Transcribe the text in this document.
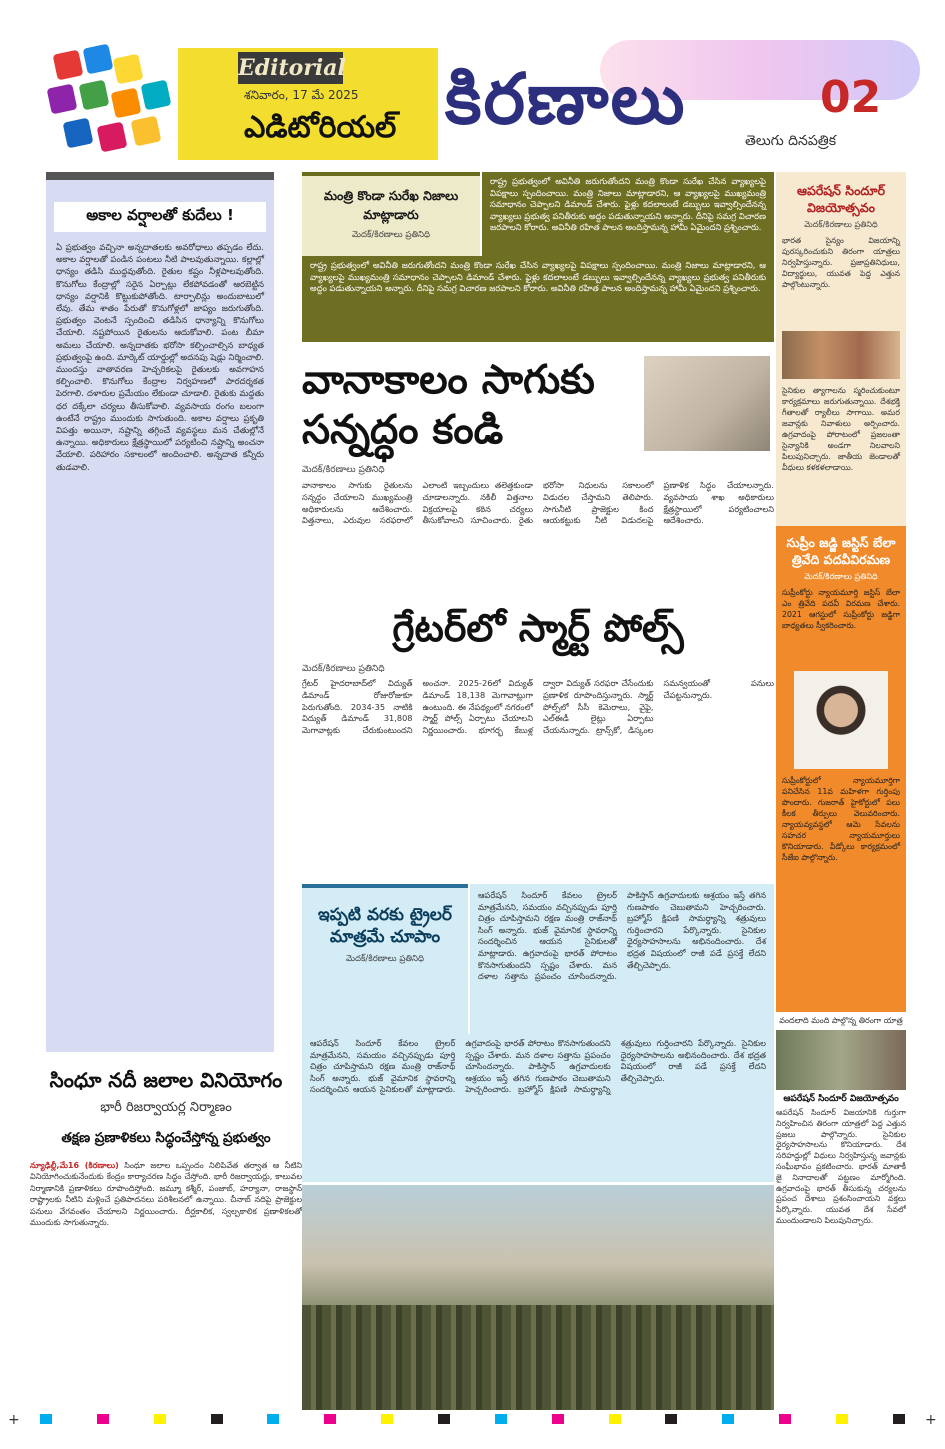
Editorial
శనివారం, 17 మే 2025
ఎడిటోరియల్ కిరణాలు
తెలుగు దినపత్రిక
02
అకాల వర్షాలతో కుదేలు !
ఏ ప్రభుత్వం వచ్చినా అన్నదాతలకు అవరోధాలు తప్పడం లేదు. అకాల వర్షాలతో పండిన పంటలు నీటి పాలవుతున్నాయి. కల్లాల్లో ధాన్యం తడిసి ముద్దవుతోంది. రైతుల కష్టం నీళ్లపాలవుతోంది. కొనుగోలు కేంద్రాల్లో సరైన ఏర్పాట్లు లేకపోవడంతో ఆరబెట్టిన ధాన్యం వర్షానికి కొట్టుకుపోతోంది. టార్పాలిన్లు అందుబాటులో లేవు. తేమ శాతం పేరుతో కొనుగోళ్లలో జాప్యం జరుగుతోంది. ప్రభుత్వం వెంటనే స్పందించి తడిసిన ధాన్యాన్ని కొనుగోలు చేయాలి. నష్టపోయిన రైతులను ఆదుకోవాలి. పంట బీమా అమలు చేయాలి. అన్నదాతకు భరోసా కల్పించాల్సిన బాధ్యత ప్రభుత్వంపై ఉంది. మార్కెట్ యార్డుల్లో అదనపు షెడ్లు నిర్మించాలి. ముందస్తు వాతావరణ హెచ్చరికలపై రైతులకు అవగాహన కల్పించాలి. కొనుగోలు కేంద్రాల నిర్వహణలో పారదర్శకత పెరగాలి. దళారుల ప్రమేయం లేకుండా చూడాలి. రైతుకు మద్దతు ధర దక్కేలా చర్యలు తీసుకోవాలి. వ్యవసాయ రంగం బలంగా ఉంటేనే రాష్ట్రం ముందుకు సాగుతుంది. అకాల వర్షాలు ప్రకృతి విపత్తు అయినా, నష్టాన్ని తగ్గించే వ్యవస్థలు మన చేతుల్లోనే ఉన్నాయి. అధికారులు క్షేత్రస్థాయిలో పర్యటించి నష్టాన్ని అంచనా వేయాలి. పరిహారం సకాలంలో అందించాలి. అన్నదాత కన్నీరు తుడవాలి.
సింధూ నదీ జలాల వినియోగం
భారీ రిజర్వాయర్ల నిర్మాణం
తక్షణ ప్రణాళికలు సిద్ధంచేస్తోన్న ప్రభుత్వం
న్యూఢిల్లీ,మే16 (కిరణాలు) సింధూ జలాల ఒప్పందం నిలిపివేత తర్వాత ఆ నీటిని వినియోగించుకునేందుకు కేంద్రం కార్యాచరణ సిద్ధం చేస్తోంది. భారీ రిజర్వాయర్లు, కాలువల నిర్మాణానికి ప్రణాళికలు రూపొందిస్తోంది. జమ్మూ కశ్మీర్, పంజాబ్, హర్యానా, రాజస్థాన్ రాష్ట్రాలకు నీటిని మళ్లించే ప్రతిపాదనలు పరిశీలనలో ఉన్నాయి. చీనాబ్ నదిపై ప్రాజెక్టుల పనులు వేగవంతం చేయాలని నిర్ణయించారు. దీర్ఘకాలిక, స్వల్పకాలిక ప్రణాళికలతో ముందుకు సాగుతున్నారు.
మంత్రి కొండా సురేఖ నిజాలు మాట్లాడారు
మెదక్/కిరణాలు ప్రతినిధి
రాష్ట్ర ప్రభుత్వంలో అవినీతి జరుగుతోందని మంత్రి కొండా సురేఖ చేసిన వ్యాఖ్యలపై విపక్షాలు స్పందించాయి. మంత్రి నిజాలు మాట్లాడారని, ఆ వ్యాఖ్యలపై ముఖ్యమంత్రి సమాధానం చెప్పాలని డిమాండ్ చేశారు. ఫైళ్లు కదలాలంటే డబ్బులు ఇవ్వాల్సిందేనన్న వ్యాఖ్యలు ప్రభుత్వ పనితీరుకు అద్దం పడుతున్నాయని అన్నారు. దీనిపై సమగ్ర విచారణ జరపాలని కోరారు. అవినీతి రహిత పాలన అందిస్తామన్న హామీ ఏమైందని ప్రశ్నించారు.
రాష్ట్ర ప్రభుత్వంలో అవినీతి జరుగుతోందని మంత్రి కొండా సురేఖ చేసిన వ్యాఖ్యలపై విపక్షాలు స్పందించాయి. మంత్రి నిజాలు మాట్లాడారని, ఆ వ్యాఖ్యలపై ముఖ్యమంత్రి సమాధానం చెప్పాలని డిమాండ్ చేశారు. ఫైళ్లు కదలాలంటే డబ్బులు ఇవ్వాల్సిందేనన్న వ్యాఖ్యలు ప్రభుత్వ పనితీరుకు అద్దం పడుతున్నాయని అన్నారు. దీనిపై సమగ్ర విచారణ జరపాలని కోరారు. అవినీతి రహిత పాలన అందిస్తామన్న హామీ ఏమైందని ప్రశ్నించారు.
వానాకాలం సాగుకు సన్నద్ధం కండి
మెదక్/కిరణాలు ప్రతినిధి
వానాకాలం సాగుకు రైతులను సన్నద్ధం చేయాలని ముఖ్యమంత్రి అధికారులను ఆదేశించారు. విత్తనాలు, ఎరువుల సరఫరాలో ఎలాంటి ఇబ్బందులు తలెత్తకుండా చూడాలన్నారు. నకిలీ విత్తనాల విక్రయాలపై కఠిన చర్యలు తీసుకోవాలని సూచించారు. రైతు భరోసా నిధులను సకాలంలో విడుదల చేస్తామని తెలిపారు. సాగునీటి ప్రాజెక్టుల కింద ఆయకట్టుకు నీటి విడుదలపై ప్రణాళిక సిద్ధం చేయాలన్నారు. వ్యవసాయ శాఖ అధికారులు క్షేత్రస్థాయిలో పర్యటించాలని ఆదేశించారు.
గ్రేటర్‌లో స్మార్ట్ పోల్స్
మెదక్/కిరణాలు ప్రతినిధి
గ్రేటర్ హైదరాబాద్‌లో విద్యుత్ డిమాండ్ రోజురోజుకూ పెరుగుతోంది. 2034-35 నాటికి విద్యుత్ డిమాండ్ 31,808 మెగావాట్లకు చేరుకుంటుందని అంచనా. 2025-26లో విద్యుత్ డిమాండ్ 18,138 మెగావాట్లుగా ఉంటుంది. ఈ నేపథ్యంలో నగరంలో స్మార్ట్ పోల్స్ ఏర్పాటు చేయాలని నిర్ణయించారు. భూగర్భ కేబుళ్ల ద్వారా విద్యుత్ సరఫరా చేసేందుకు ప్రణాళిక రూపొందిస్తున్నారు. స్మార్ట్ పోల్స్‌లో సీసీ కెమెరాలు, వైఫై, ఎల్ఈడీ లైట్లు ఏర్పాటు చేయనున్నారు. ట్రాన్స్‌కో, డిస్కంల సమన్వయంతో పనులు చేపట్టనున్నారు.
ఇప్పటి వరకు ట్రైలర్ మాత్రమే చూపాం
మెదక్/కిరణాలు ప్రతినిధి
ఆపరేషన్ సిందూర్ కేవలం ట్రైలర్ మాత్రమేనని, సమయం వచ్చినప్పుడు పూర్తి చిత్రం చూపిస్తామని రక్షణ మంత్రి రాజ్‌నాథ్ సింగ్ అన్నారు. భుజ్ వైమానిక స్థావరాన్ని సందర్శించిన ఆయన సైనికులతో మాట్లాడారు. ఉగ్రవాదంపై భారత్ పోరాటం కొనసాగుతుందని స్పష్టం చేశారు. మన దళాల సత్తాను ప్రపంచం చూసిందన్నారు. పాకిస్తాన్ ఉగ్రవాదులకు ఆశ్రయం ఇస్తే తగిన గుణపాఠం చెబుతామని హెచ్చరించారు. బ్రహ్మోస్ క్షిపణి సామర్థ్యాన్ని శత్రువులు గుర్తించారని పేర్కొన్నారు. సైనికుల ధైర్యసాహసాలను అభినందించారు. దేశ భద్రత విషయంలో రాజీ పడే ప్రసక్తే లేదని తేల్చిచెప్పారు.
ఆపరేషన్ సిందూర్ కేవలం ట్రైలర్ మాత్రమేనని, సమయం వచ్చినప్పుడు పూర్తి చిత్రం చూపిస్తామని రక్షణ మంత్రి రాజ్‌నాథ్ సింగ్ అన్నారు. భుజ్ వైమానిక స్థావరాన్ని సందర్శించిన ఆయన సైనికులతో మాట్లాడారు. ఉగ్రవాదంపై భారత్ పోరాటం కొనసాగుతుందని స్పష్టం చేశారు. మన దళాల సత్తాను ప్రపంచం చూసిందన్నారు. పాకిస్తాన్ ఉగ్రవాదులకు ఆశ్రయం ఇస్తే తగిన గుణపాఠం చెబుతామని హెచ్చరించారు. బ్రహ్మోస్ క్షిపణి సామర్థ్యాన్ని శత్రువులు గుర్తించారని పేర్కొన్నారు. సైనికుల ధైర్యసాహసాలను అభినందించారు. దేశ భద్రత విషయంలో రాజీ పడే ప్రసక్తే లేదని తేల్చిచెప్పారు.
ఆపరేషన్ సిందూర్ విజయోత్సవం
మెదక్/కిరణాలు ప్రతినిధి
భారత సైన్యం విజయాన్ని పురస్కరించుకుని తిరంగా యాత్రలు నిర్వహిస్తున్నారు. ప్రజాప్రతినిధులు, విద్యార్థులు, యువత పెద్ద ఎత్తున పాల్గొంటున్నారు.
సైనికుల త్యాగాలను స్మరించుకుంటూ కార్యక్రమాలు జరుగుతున్నాయి. దేశభక్తి గీతాలతో ర్యాలీలు సాగాయి. అమర జవాన్లకు నివాళులు అర్పించారు. ఉగ్రవాదంపై పోరాటంలో ప్రజలంతా సైన్యానికి అండగా నిలవాలని పిలుపునిచ్చారు. జాతీయ జెండాలతో వీధులు కళకళలాడాయి.
సుప్రీం జడ్జి జస్టిస్ బేలా త్రివేది పదవీవిరమణ
మెదక్/కిరణాలు ప్రతినిధి
సుప్రీంకోర్టు న్యాయమూర్తి జస్టిస్ బేలా ఎం త్రివేది పదవీ విరమణ చేశారు. 2021 ఆగస్టులో సుప్రీంకోర్టు జడ్జిగా బాధ్యతలు స్వీకరించారు.
సుప్రీంకోర్టులో న్యాయమూర్తిగా పనిచేసిన 11వ మహిళగా గుర్తింపు పొందారు. గుజరాత్ హైకోర్టులో పలు కీలక తీర్పులు వెలువరించారు. న్యాయవ్యవస్థలో ఆమె సేవలను సహచర న్యాయమూర్తులు కొనియాడారు. వీడ్కోలు కార్యక్రమంలో సీజేఐ పాల్గొన్నారు.
వందలాది మంది పాల్గొన్న తిరంగా యాత్ర
ఆపరేషన్ సిందూర్ విజయోత్సవం
ఆపరేషన్ సిందూర్ విజయానికి గుర్తుగా నిర్వహించిన తిరంగా యాత్రలో పెద్ద ఎత్తున ప్రజలు పాల్గొన్నారు. సైనికుల ధైర్యసాహసాలను కొనియాడారు. దేశ సరిహద్దుల్లో విధులు నిర్వహిస్తున్న జవాన్లకు సంఘీభావం ప్రకటించారు. భారత్ మాతాకీ జై నినాదాలతో పట్టణం మార్మోగింది. ఉగ్రవాదంపై భారత్ తీసుకున్న చర్యలను ప్రపంచ దేశాలు ప్రశంసించాయని వక్తలు పేర్కొన్నారు. యువత దేశ సేవలో ముందుండాలని పిలుపునిచ్చారు.
+	+
